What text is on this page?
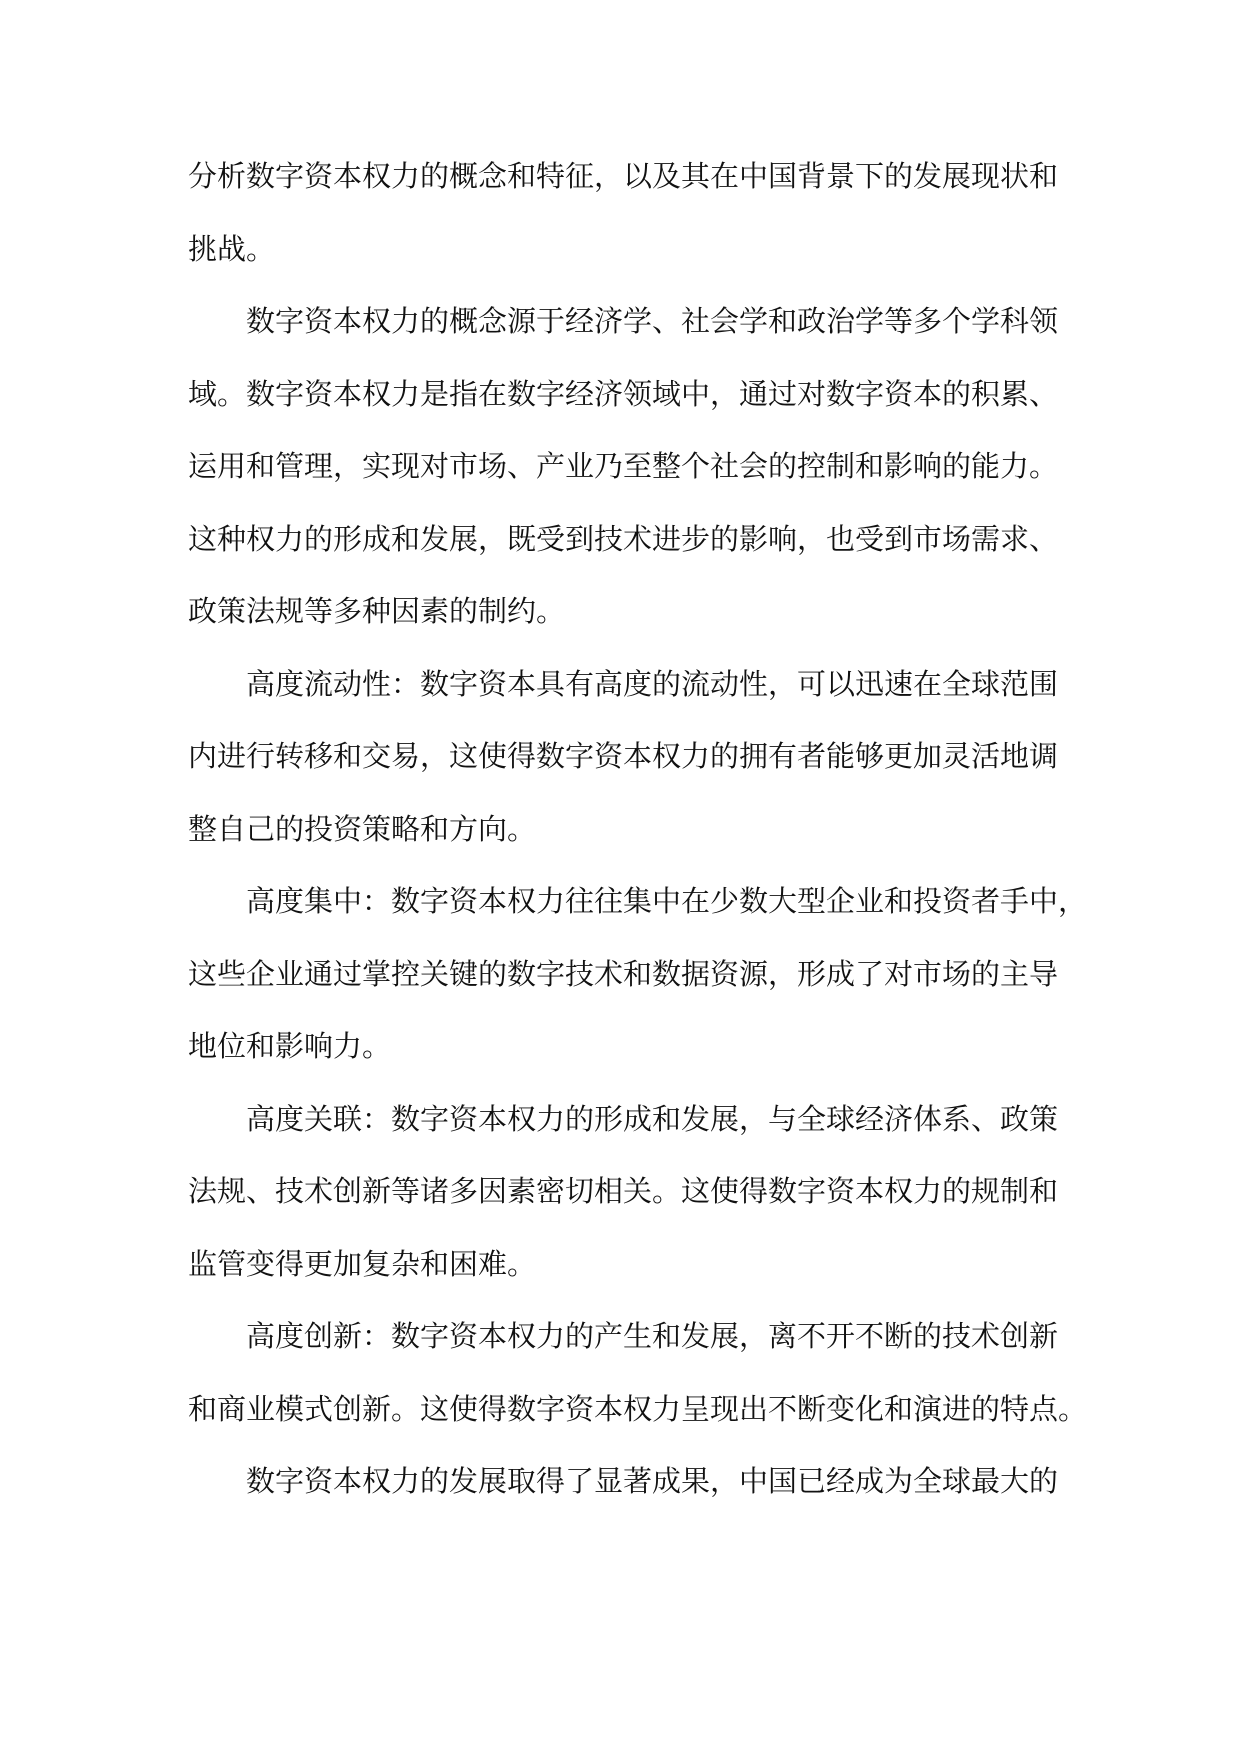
分析数字资本权力的概念和特征，以及其在中国背景下的发展现状和
挑战。
数字资本权力的概念源于经济学、社会学和政治学等多个学科领
域。数字资本权力是指在数字经济领域中，通过对数字资本的积累、
运用和管理，实现对市场、产业乃至整个社会的控制和影响的能力。
这种权力的形成和发展，既受到技术进步的影响，也受到市场需求、
政策法规等多种因素的制约。
高度流动性：数字资本具有高度的流动性，可以迅速在全球范围
内进行转移和交易，这使得数字资本权力的拥有者能够更加灵活地调
整自己的投资策略和方向。
高度集中：数字资本权力往往集中在少数大型企业和投资者手中，
这些企业通过掌控关键的数字技术和数据资源，形成了对市场的主导
地位和影响力。
高度关联：数字资本权力的形成和发展，与全球经济体系、政策
法规、技术创新等诸多因素密切相关。这使得数字资本权力的规制和
监管变得更加复杂和困难。
高度创新：数字资本权力的产生和发展，离不开不断的技术创新
和商业模式创新。这使得数字资本权力呈现出不断变化和演进的特点。
数字资本权力的发展取得了显著成果，中国已经成为全球最大的
